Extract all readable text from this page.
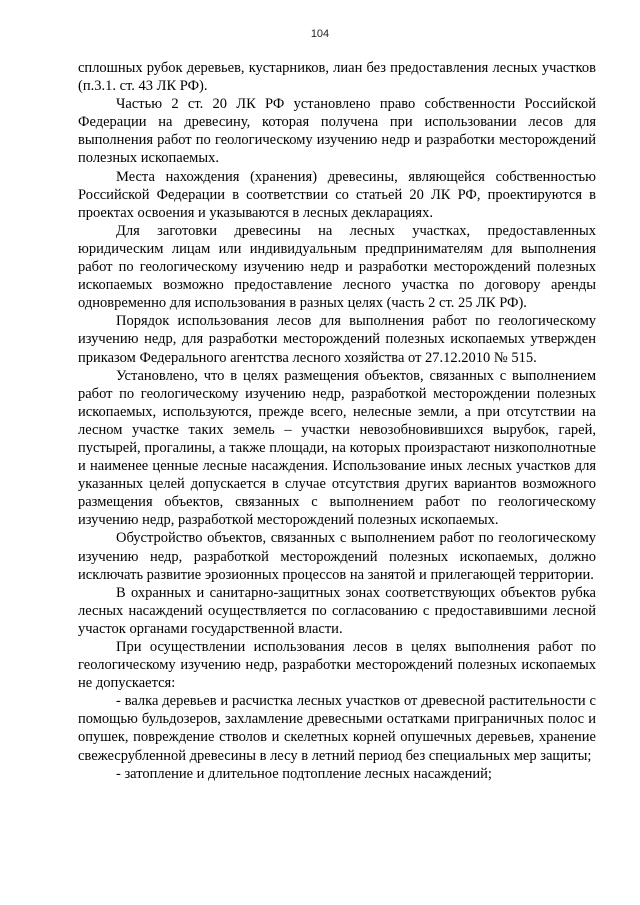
104

сплошных рубок деревьев, кустарников, лиан без предоставления лесных участков (п.3.1. ст. 43 ЛК РФ).

Частью 2 ст. 20 ЛК РФ установлено право собственности Российской Федерации на древесину, которая получена при использовании лесов для выполнения работ по геологическому изучению недр и разработки месторождений полезных ископаемых.

Места нахождения (хранения) древесины, являющейся собственностью Российской Федерации в соответствии со статьей 20 ЛК РФ, проектируются в проектах освоения и указываются в лесных декларациях.

Для заготовки древесины на лесных участках, предоставленных юридическим лицам или индивидуальным предпринимателям для выполнения работ по геологическому изучению недр и разработки месторождений полезных ископаемых возможно предоставление лесного участка по договору аренды одновременно для использования в разных целях (часть 2 ст. 25 ЛК РФ).

Порядок использования лесов для выполнения работ по геологическому изучению недр, для разработки месторождений полезных ископаемых утвержден приказом Федерального агентства лесного хозяйства от 27.12.2010 № 515.

Установлено, что в целях размещения объектов, связанных с выполнением работ по геологическому изучению недр, разработкой месторождении полезных ископаемых, используются, прежде всего, нелесные земли, а при отсутствии на лесном участке таких земель – участки невозобновившихся вырубок, гарей, пустырей, прогалины, а также площади, на которых произрастают низкополнотные и наименее ценные лесные насаждения. Использование иных лесных участков для указанных целей допускается в случае отсутствия других вариантов возможного размещения объектов, связанных с выполнением работ по геологическому изучению недр, разработкой месторождений полезных ископаемых.

Обустройство объектов, связанных с выполнением работ по геологическому изучению недр, разработкой месторождений полезных ископаемых, должно исключать развитие эрозионных процессов на занятой и прилегающей территории.

В охранных и санитарно-защитных зонах соответствующих объектов рубка лесных насаждений осуществляется по согласованию с предоставившими лесной участок органами государственной власти.

При осуществлении использования лесов в целях выполнения работ по геологическому изучению недр, разработки месторождений полезных ископаемых не допускается:

- валка деревьев и расчистка лесных участков от древесной растительности с помощью бульдозеров, захламление древесными остатками приграничных полос и опушек, повреждение стволов и скелетных корней опушечных деревьев, хранение свежесрубленной древесины в лесу в летний период без специальных мер защиты;

- затопление и длительное подтопление лесных насаждений;
